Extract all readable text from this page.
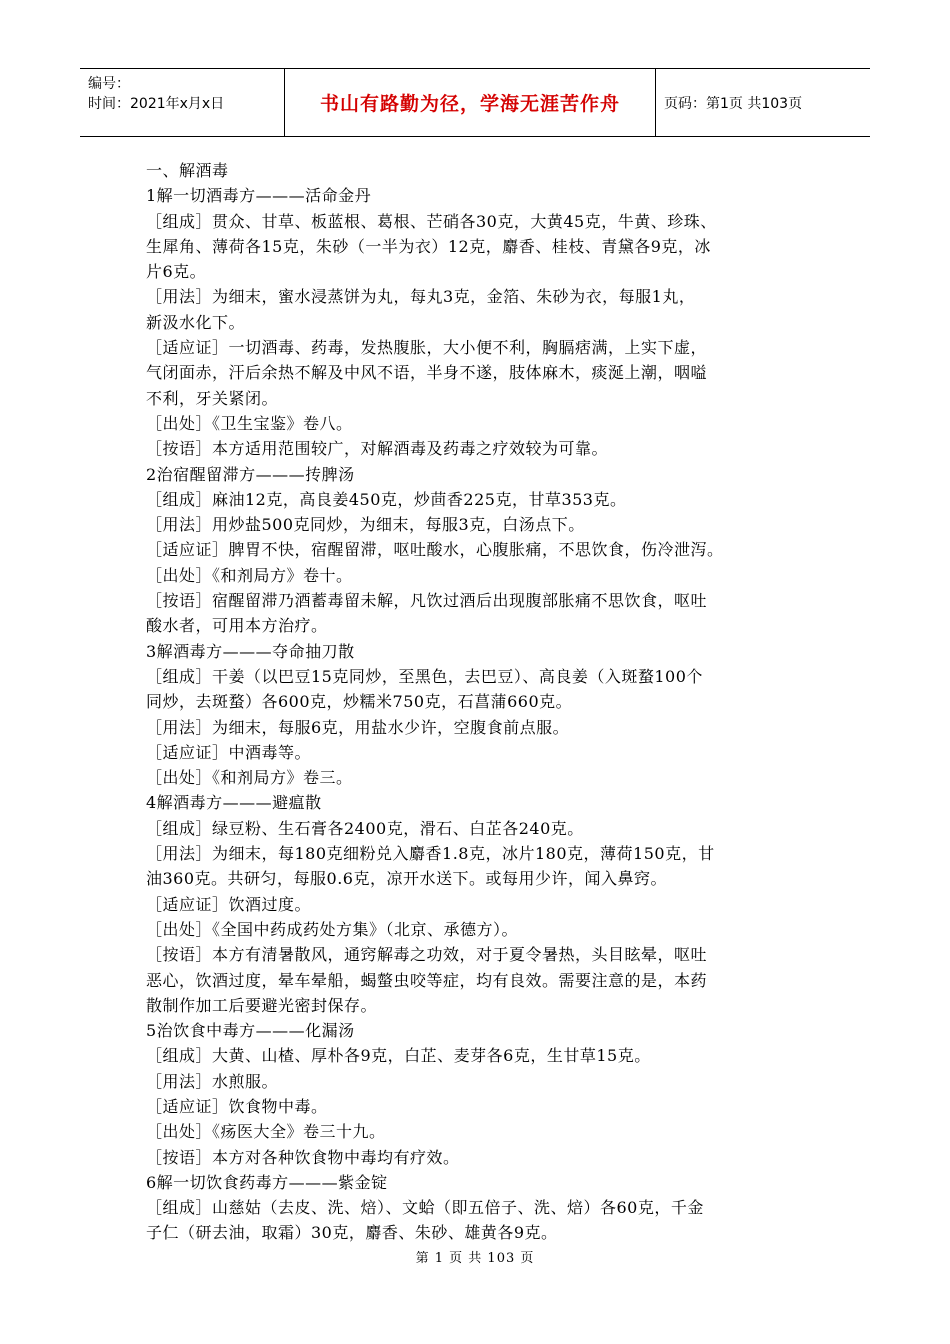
编号：
时间：2021年x月x日	书山有路勤为径，学海无涯苦作舟	页码：第1页 共103页
一、解酒毒
1解一切酒毒方———活命金丹
［组成］贯众、甘草、板蓝根、葛根、芒硝各30克，大黄45克，牛黄、珍珠、
生犀角、薄荷各15克，朱砂（一半为衣）12克，麝香、桂枝、青黛各9克，冰
片6克。
［用法］为细末，蜜水浸蒸饼为丸，每丸3克，金箔、朱砂为衣，每服1丸，
新汲水化下。
［适应证］一切酒毒、药毒，发热腹胀，大小便不利，胸膈痞满，上实下虚，
气闭面赤，汗后余热不解及中风不语，半身不遂，肢体麻木，痰涎上潮，咽嗌
不利，牙关紧闭。
［出处］《卫生宝鉴》卷八。
［按语］本方适用范围较广，对解酒毒及药毒之疗效较为可靠。
2治宿醒留滞方———抟脾汤
［组成］麻油12克，高良姜450克，炒茴香225克，甘草353克。
［用法］用炒盐500克同炒，为细末，每服3克，白汤点下。
［适应证］脾胃不快，宿醒留滞，呕吐酸水，心腹胀痛，不思饮食，伤冷泄泻。
［出处］《和剂局方》卷十。
［按语］宿醒留滞乃酒蓄毒留未解，凡饮过酒后出现腹部胀痛不思饮食，呕吐
酸水者，可用本方治疗。
3解酒毒方———夺命抽刀散
［组成］干姜（以巴豆15克同炒，至黑色，去巴豆）、高良姜（入斑蝥100个
同炒，去斑蝥）各600克，炒糯米750克，石菖蒲660克。
［用法］为细末，每服6克，用盐水少许，空腹食前点服。
［适应证］中酒毒等。
［出处］《和剂局方》卷三。
4解酒毒方———避瘟散
［组成］绿豆粉、生石膏各2400克，滑石、白芷各240克。
［用法］为细末，每180克细粉兑入麝香1.8克，冰片180克，薄荷150克，甘
油360克。共研匀，每服0.6克，凉开水送下。或每用少许，闻入鼻窍。
［适应证］饮酒过度。
［出处］《全国中药成药处方集》（北京、承德方）。
［按语］本方有清暑散风，通窍解毒之功效，对于夏令暑热，头目眩晕，呕吐
恶心，饮酒过度，晕车晕船，蝎螫虫咬等症，均有良效。需要注意的是，本药
散制作加工后要避光密封保存。
5治饮食中毒方———化漏汤
［组成］大黄、山楂、厚朴各9克，白芷、麦芽各6克，生甘草15克。
［用法］水煎服。
［适应证］饮食物中毒。
［出处］《疡医大全》卷三十九。
［按语］本方对各种饮食物中毒均有疗效。
6解一切饮食药毒方———紫金锭
［组成］山慈姑（去皮、洗、焙）、文蛤（即五倍子、洗、焙）各60克，千金
子仁（研去油，取霜）30克，麝香、朱砂、雄黄各9克。
第 1 页 共 103 页
